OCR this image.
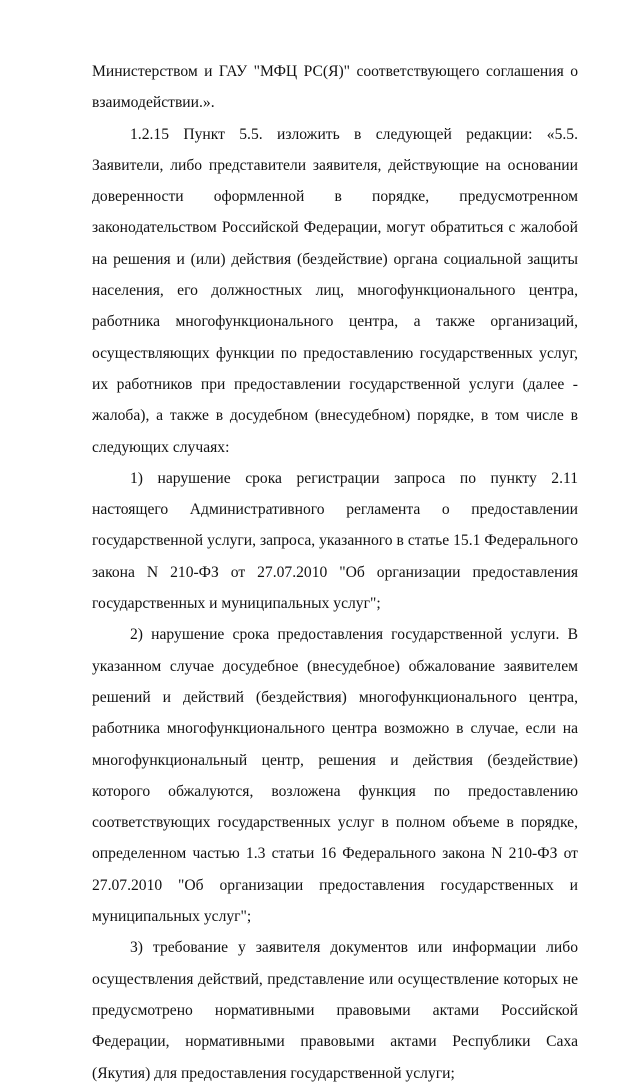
Министерством и ГАУ "МФЦ РС(Я)" соответствующего соглашения о взаимодействии.».

1.2.15 Пункт 5.5. изложить в следующей редакции: «5.5. Заявители, либо представители заявителя, действующие на основании доверенности оформленной в порядке, предусмотренном законодательством Российской Федерации, могут обратиться с жалобой на решения и (или) действия (бездействие) органа социальной защиты населения, его должностных лиц, многофункционального центра, работника многофункционального центра, а также организаций, осуществляющих функции по предоставлению государственных услуг, их работников при предоставлении государственной услуги (далее - жалоба), а также в досудебном (внесудебном) порядке, в том числе в следующих случаях:

1) нарушение срока регистрации запроса по пункту 2.11 настоящего Административного регламента о предоставлении государственной услуги, запроса, указанного в статье 15.1 Федерального закона N 210-ФЗ от 27.07.2010 "Об организации предоставления государственных и муниципальных услуг";

2) нарушение срока предоставления государственной услуги. В указанном случае досудебное (внесудебное) обжалование заявителем решений и действий (бездействия) многофункционального центра, работника многофункционального центра возможно в случае, если на многофункциональный центр, решения и действия (бездействие) которого обжалуются, возложена функция по предоставлению соответствующих государственных услуг в полном объеме в порядке, определенном частью 1.3 статьи 16 Федерального закона N 210-ФЗ от 27.07.2010 "Об организации предоставления государственных и муниципальных услуг";

3) требование у заявителя документов или информации либо осуществления действий, представление или осуществление которых не предусмотрено нормативными правовыми актами Российской Федерации, нормативными правовыми актами Республики Саха (Якутия) для предоставления государственной услуги;
